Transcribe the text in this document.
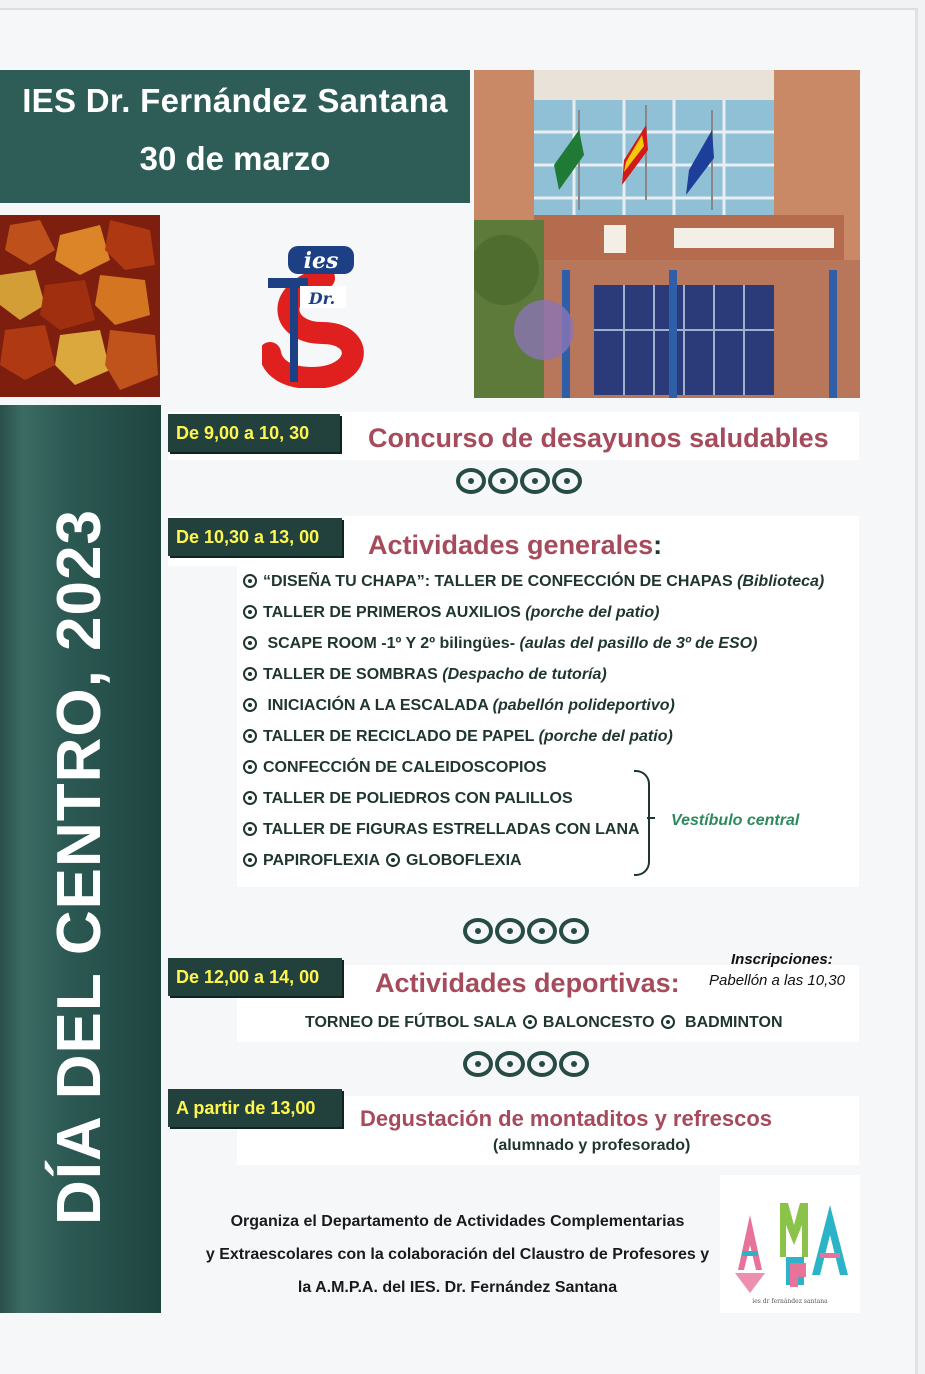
IES Dr. Fernández Santana
30 de marzo
DÍA DEL CENTRO, 2023
ies
Dr.
De 9,00 a 10, 30	Concurso de desayunos saludables
De 10,30 a 13, 00	Actividades generales:
“DISEÑA TU CHAPA”: TALLER DE CONFECCIÓN DE CHAPAS (Biblioteca)
TALLER DE PRIMEROS AUXILIOS (porche del patio)
SCAPE ROOM -1º Y 2º bilingües- (aulas del pasillo de 3º de ESO)
TALLER DE SOMBRAS (Despacho de tutoría)
INICIACIÓN A LA ESCALADA (pabellón polideportivo)
TALLER DE RECICLADO DE PAPEL (porche del patio)
CONFECCIÓN DE CALEIDOSCOPIOS
TALLER DE POLIEDROS CON PALILLOS
TALLER DE FIGURAS ESTRELLADAS CON LANA
PAPIROFLEXIA GLOBOFLEXIA
Vestíbulo central
De 12,00 a 14, 00	Actividades deportivas:
Inscripciones:
Pabellón a las 10,30
TORNEO DE FÚTBOL SALA BALONCESTO BADMINTON
A partir de 13,00	Degustación de montaditos y refrescos
(alumnado y profesorado)
Organiza el Departamento de Actividades Complementarias
y Extraescolares con la colaboración del Claustro de Profesores y
la A.M.P.A. del IES. Dr. Fernández Santana
ies dr fernández santana
